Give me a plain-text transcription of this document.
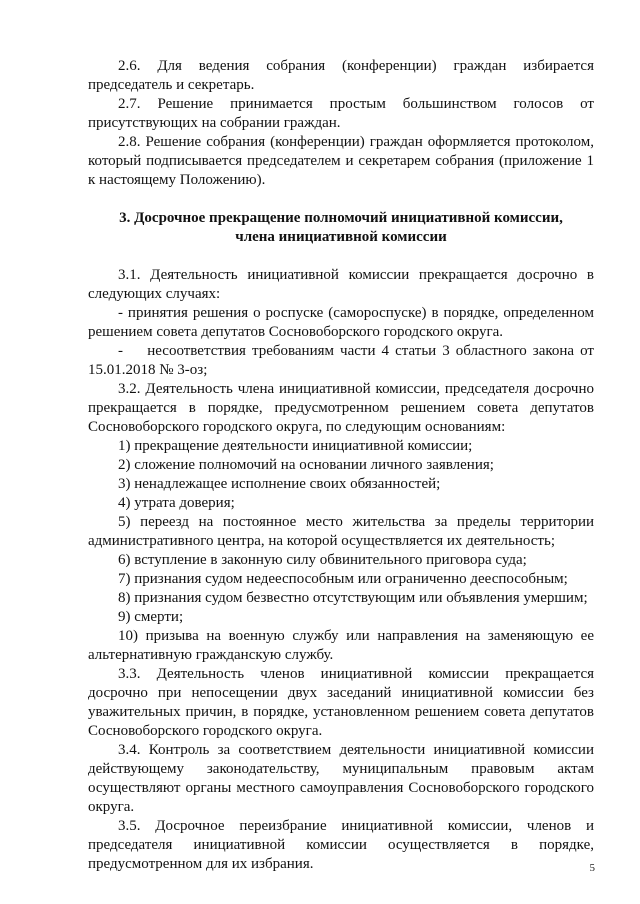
2.6. Для ведения собрания (конференции) граждан избирается председатель и секретарь.

2.7. Решение принимается простым большинством голосов от присутствующих на собрании граждан.

2.8. Решение собрания (конференции) граждан оформляется протоколом, который подписывается председателем и секретарем собрания (приложение 1 к настоящему Положению).

3. Досрочное прекращение полномочий инициативной комиссии,
члена инициативной комиссии

3.1. Деятельность инициативной комиссии прекращается досрочно в следующих случаях:

- принятия решения о роспуске (самороспуске) в порядке, определенном решением совета депутатов Сосновоборского городского округа.

-    несоответствия требованиям части 4 статьи 3 областного закона от 15.01.2018 № 3-оз;

3.2. Деятельность члена инициативной комиссии, председателя досрочно прекращается в порядке, предусмотренном решением совета депутатов Сосновоборского городского округа, по следующим основаниям:

1) прекращение деятельности инициативной комиссии;

2) сложение полномочий на основании личного заявления;

3) ненадлежащее исполнение своих обязанностей;

4) утрата доверия;

5) переезд на постоянное место жительства за пределы территории административного центра, на которой осуществляется их деятельность;

6) вступление в законную силу обвинительного приговора суда;

7) признания судом недееспособным или ограниченно дееспособным;

8) признания судом безвестно отсутствующим или объявления умершим;

9) смерти;

10) призыва на военную службу или направления на заменяющую ее альтернативную гражданскую службу.

3.3. Деятельность членов инициативной комиссии прекращается досрочно при непосещении двух заседаний инициативной комиссии без уважительных причин, в порядке, установленном решением совета депутатов Сосновоборского городского округа.

3.4. Контроль за соответствием деятельности инициативной комиссии действующему законодательству, муниципальным правовым актам осуществляют органы местного самоуправления Сосновоборского городского округа.

3.5. Досрочное переизбрание инициативной комиссии, членов и председателя инициативной комиссии осуществляется в порядке, предусмотренном для их избрания.	5
